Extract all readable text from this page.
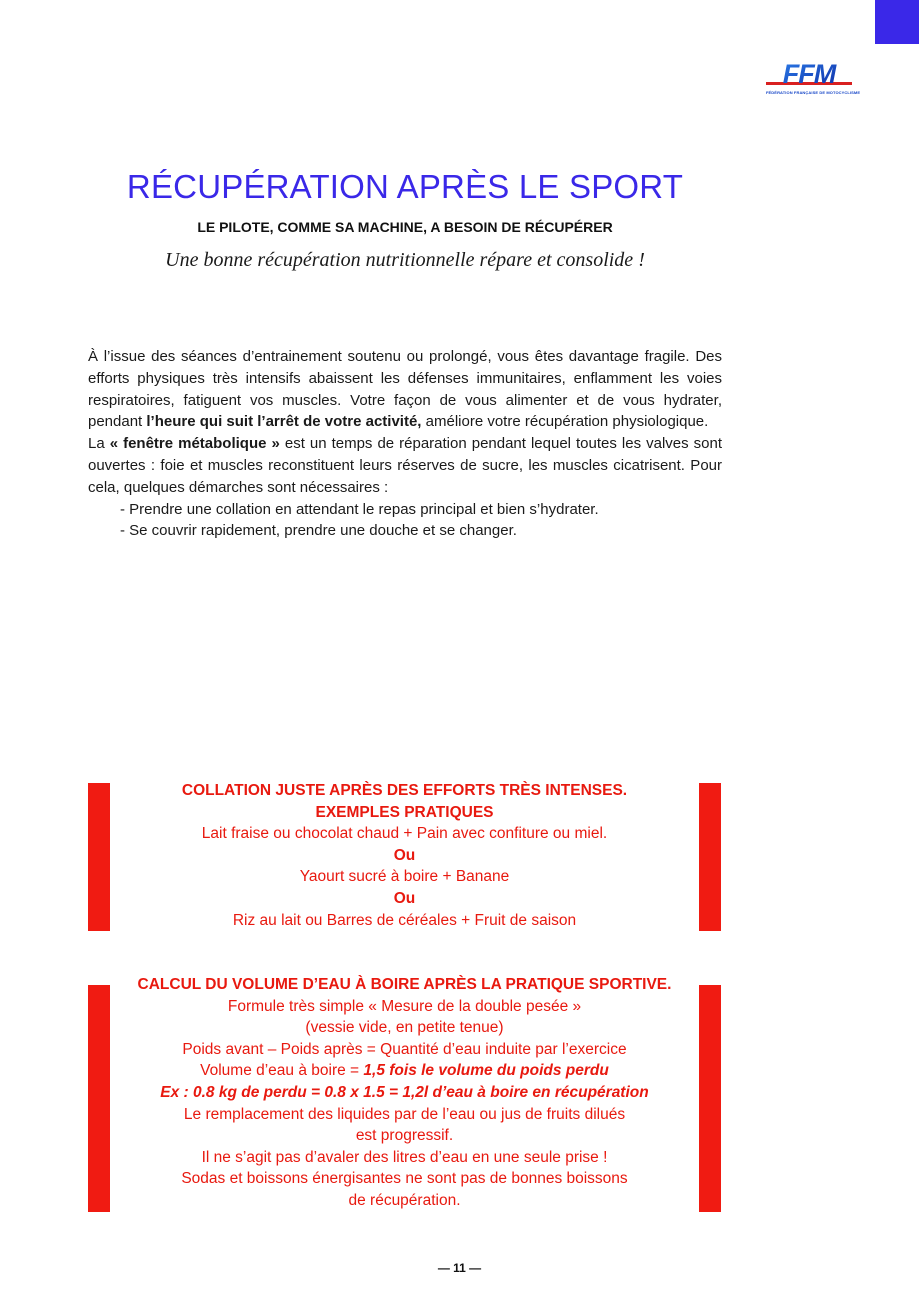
FFM
FÉDÉRATION FRANÇAISE DE MOTOCYCLISME
RÉCUPÉRATION APRÈS LE SPORT
LE PILOTE, COMME SA MACHINE, A BESOIN DE RÉCUPÉRER
Une bonne récupération nutritionnelle répare et consolide !

À l’issue des séances d’entrainement soutenu ou prolongé, vous êtes davantage fragile. Des efforts physiques très intensifs abaissent les défenses immunitaires, enflamment les voies respiratoires, fatiguent vos muscles. Votre façon de vous alimenter et de vous hydrater, pendant l’heure qui suit l’arrêt de votre activité, améliore votre récupération physiologique.

La « fenêtre métabolique » est un temps de réparation pendant lequel toutes les valves sont ouvertes : foie et muscles reconstituent leurs réserves de sucre, les muscles cicatrisent. Pour cela, quelques démarches sont nécessaires :

- Prendre une collation en attendant le repas principal et bien s’hydrater.
- Se couvrir rapidement, prendre une douche et se changer.
COLLATION JUSTE APRÈS DES EFFORTS TRÈS INTENSES.
EXEMPLES PRATIQUES
Lait fraise ou chocolat chaud + Pain avec confiture ou miel.
Ou
Yaourt sucré à boire + Banane
Ou
Riz au lait ou Barres de céréales + Fruit de saison
CALCUL DU VOLUME D’EAU À BOIRE APRÈS LA PRATIQUE SPORTIVE.
Formule très simple « Mesure de la double pesée »
(vessie vide, en petite tenue)
Poids avant – Poids après = Quantité d’eau induite par l’exercice
Volume d’eau à boire = 1,5 fois le volume du poids perdu
Ex : 0.8 kg de perdu = 0.8 x 1.5 = 1,2l d’eau à boire en récupération
Le remplacement des liquides par de l’eau ou jus de fruits dilués
est progressif.
Il ne s’agit pas d’avaler des litres d’eau en une seule prise !
Sodas et boissons énergisantes ne sont pas de bonnes boissons
de récupération.
— 11 —
